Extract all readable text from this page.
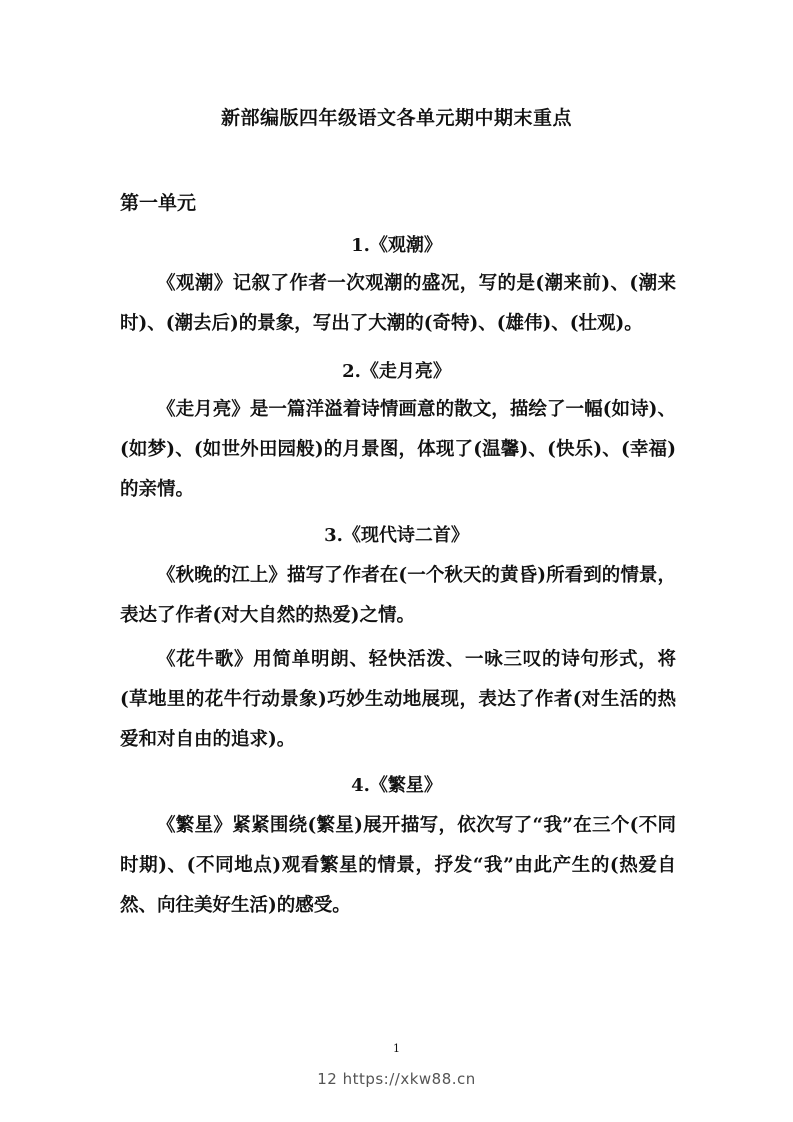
新部编版四年级语文各单元期中期末重点
第一单元
1.《观潮》
《观潮》记叙了作者一次观潮的盛况，写的是(潮来前)、(潮来时)、(潮去后)的景象，写出了大潮的(奇特)、(雄伟)、(壮观)。
2.《走月亮》
《走月亮》是一篇洋溢着诗情画意的散文，描绘了一幅(如诗)、(如梦)、(如世外田园般)的月景图，体现了(温馨)、(快乐)、(幸福)的亲情。
3.《现代诗二首》
《秋晚的江上》描写了作者在(一个秋天的黄昏)所看到的情景，表达了作者(对大自然的热爱)之情。
《花牛歌》用简单明朗、轻快活泼、一咏三叹的诗句形式，将(草地里的花牛行动景象)巧妙生动地展现，表达了作者(对生活的热爱和对自由的追求)。
4.《繁星》
《繁星》紧紧围绕(繁星)展开描写，依次写了“我”在三个(不同时期)、(不同地点)观看繁星的情景，抒发“我”由此产生的(热爱自然、向往美好生活)的感受。
1
12 https://xkw88.cn
